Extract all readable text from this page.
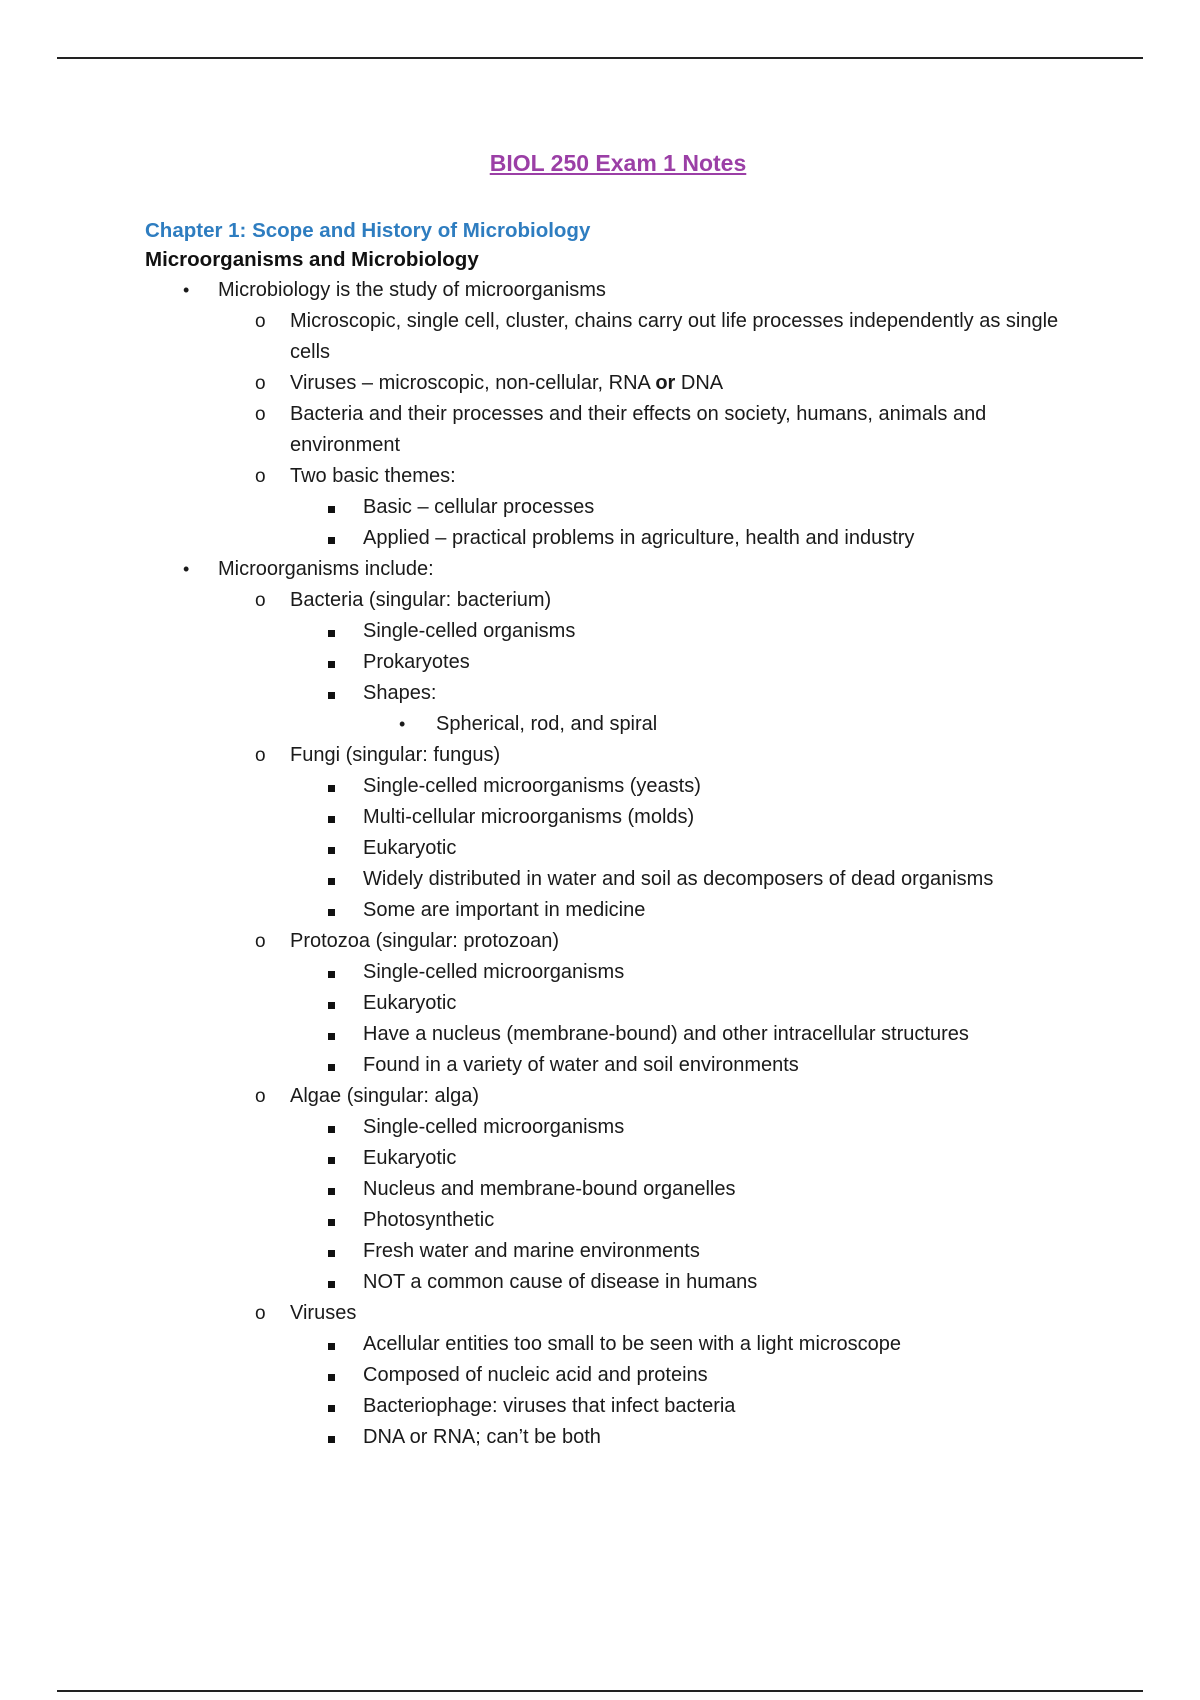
BIOL 250 Exam 1 Notes
Chapter 1: Scope and History of Microbiology
Microorganisms and Microbiology
• Microbiology is the study of microorganisms
o Microscopic, single cell, cluster, chains carry out life processes independently as single cells
o Viruses – microscopic, non-cellular, RNA or DNA
o Bacteria and their processes and their effects on society, humans, animals and environment
o Two basic themes:
Basic – cellular processes
Applied – practical problems in agriculture, health and industry
• Microorganisms include:
o Bacteria (singular: bacterium)
Single-celled organisms
Prokaryotes
Shapes:
• Spherical, rod, and spiral
o Fungi (singular: fungus)
Single-celled microorganisms (yeasts)
Multi-cellular microorganisms (molds)
Eukaryotic
Widely distributed in water and soil as decomposers of dead organisms
Some are important in medicine
o Protozoa (singular: protozoan)
Single-celled microorganisms
Eukaryotic
Have a nucleus (membrane-bound) and other intracellular structures
Found in a variety of water and soil environments
o Algae (singular: alga)
Single-celled microorganisms
Eukaryotic
Nucleus and membrane-bound organelles
Photosynthetic
Fresh water and marine environments
NOT a common cause of disease in humans
o Viruses
Acellular entities too small to be seen with a light microscope
Composed of nucleic acid and proteins
Bacteriophage: viruses that infect bacteria
DNA or RNA; can’t be both
